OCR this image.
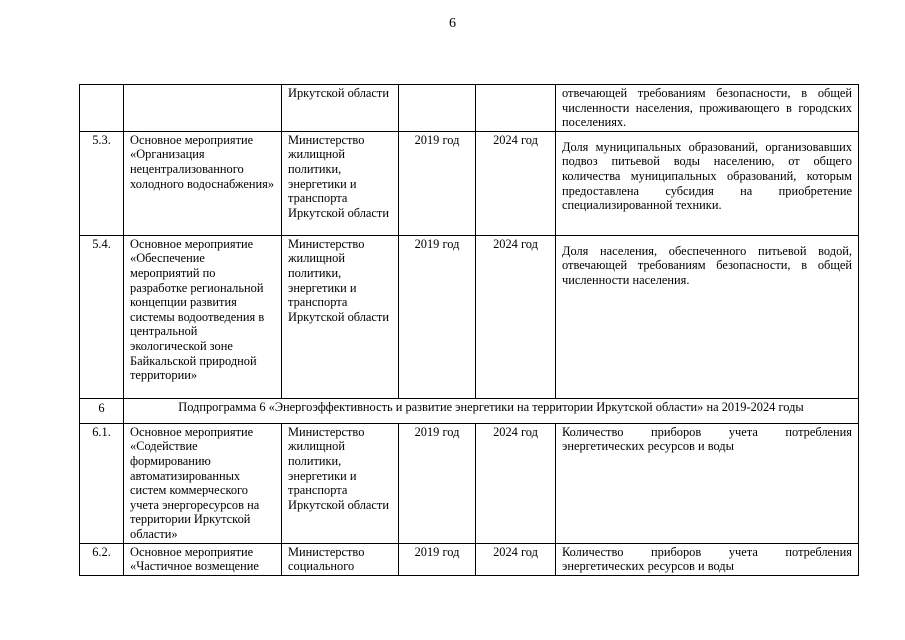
6
		Иркутской области			отвечающей требованиям безопасности, в общей численности населения, проживающего в городских поселениях.

5.3.	Основное мероприятие «Организация нецентрализованного холодного водоснабжения»	Министерство жилищной политики, энергетики и транспорта Иркутской области	2019 год	2024 год	Доля муниципальных образований, организовавших подвоз питьевой воды населению, от общего количества муниципальных образований, которым предоставлена субсидия на приобретение специализированной техники.

5.4.	Основное мероприятие «Обеспечение мероприятий по разработке региональной концепции развития системы водоотведения в центральной экологической зоне Байкальской природной территории»	Министерство жилищной политики, энергетики и транспорта Иркутской области	2019 год	2024 год	Доля населения, обеспеченного питьевой водой, отвечающей требованиям безопасности, в общей численности населения.

6	Подпрограмма 6 «Энергоэффективность и развитие энергетики на территории Иркутской области» на 2019-2024 годы				
6.1.	Основное мероприятие «Содействие формированию автоматизированных систем коммерческого учета энергоресурсов на территории Иркутской области»	Министерство жилищной политики, энергетики и транспорта Иркутской области	2019 год	2024 год	Количество приборов учета потребления энергетических ресурсов и воды

6.2.	Основное мероприятие «Частичное возмещение	Министерство социального	2019 год	2024 год	Количество приборов учета потребления энергетических ресурсов и воды
